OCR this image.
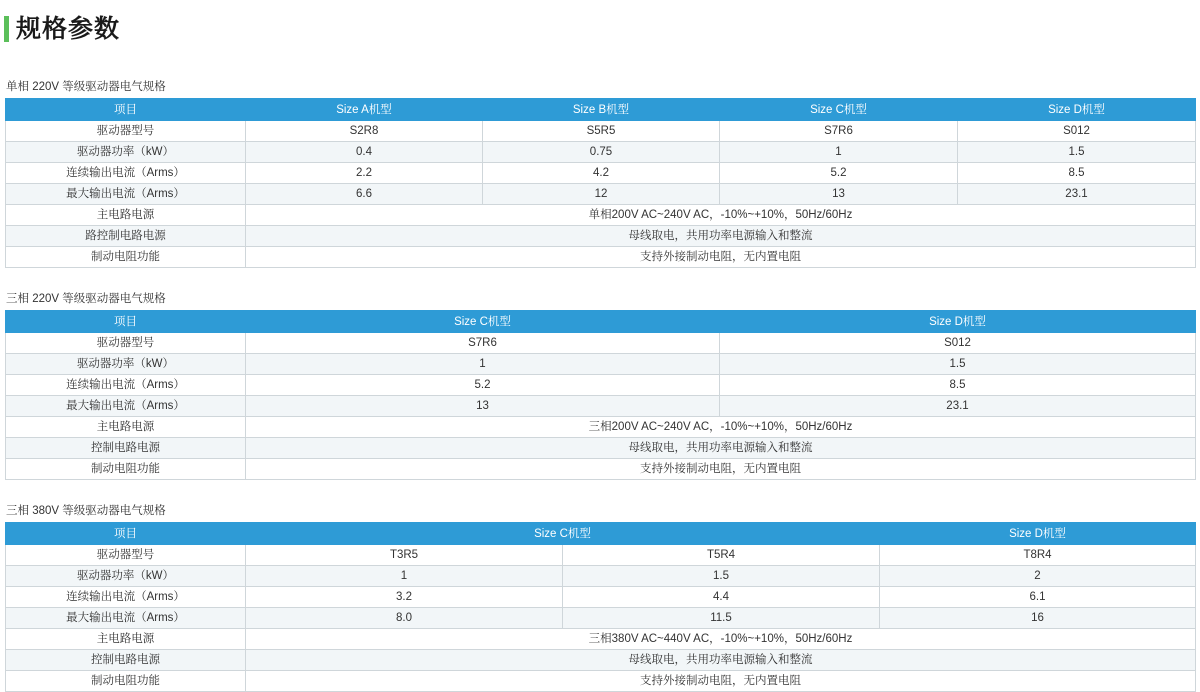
规格参数
单相 220V 等级驱动器电气规格
项目	Size A机型	Size B机型	Size C机型	Size D机型
驱动器型号	S2R8	S5R5	S7R6	S012
驱动器功率（kW）	0.4	0.75	1	1.5
连续输出电流（Arms）	2.2	4.2	5.2	8.5
最大输出电流（Arms）	6.6	12	13	23.1
主电路电源	单相200V AC~240V AC，-10%~+10%，50Hz/60Hz			
路控制电路电源	母线取电，共用功率电源输入和整流			
制动电阻功能	支持外接制动电阻，无内置电阻			
三相 220V 等级驱动器电气规格
项目	Size C机型	Size D机型
驱动器型号	S7R6	S012
驱动器功率（kW）	1	1.5
连续输出电流（Arms）	5.2	8.5
最大输出电流（Arms）	13	23.1
主电路电源	三相200V AC~240V AC，-10%~+10%，50Hz/60Hz	
控制电路电源	母线取电，共用功率电源输入和整流	
制动电阻功能	支持外接制动电阻，无内置电阻	
三相 380V 等级驱动器电气规格
项目	Size C机型		Size D机型
驱动器型号	T3R5	T5R4	T8R4
驱动器功率（kW）	1	1.5	2
连续输出电流（Arms）	3.2	4.4	6.1
最大输出电流（Arms）	8.0	11.5	16
主电路电源	三相380V AC~440V AC，-10%~+10%，50Hz/60Hz		
控制电路电源	母线取电，共用功率电源输入和整流		
制动电阻功能	支持外接制动电阻，无内置电阻		
